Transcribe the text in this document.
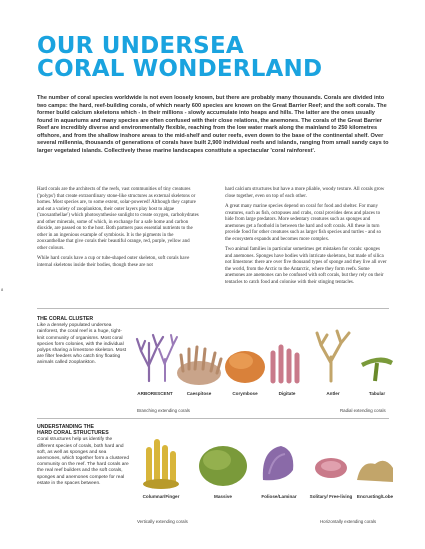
8
OUR UNDERSEA
CORAL WONDERLAND

The number of coral species worldwide is not even loosely known, but there are probably many thousands. Corals are divided into two camps: the hard, reef-building corals, of which nearly 600 species are known on the Great Barrier Reef; and the soft corals. The former build calcium skeletons which - in their millions - slowly accumulate into heaps and hills. The latter are the ones usually found in aquariums and many species are often confused with their close relations, the anemones. The corals of the Great Barrier Reef are incredibly diverse and environmentally flexible, reaching from the low water mark along the mainland to 250 kilometres offshore, and from the shallow inshore areas to the mid-shelf and outer reefs, even down to the base of the continental shelf. Over several millennia, thousands of generations of corals have built 2,900 individual reefs and islands, ranging from small sandy cays to larger vegetated islands. Collectively these marine landscapes constitute a spectacular 'coral rainforest'.

Hard corals are the architects of the reefs, vast communities of tiny creatures ('polyps') that create extraordinary stone-like structures as external skeletons or homes. Most species are, to some extent, solar-powered! Although they capture and eat a variety of zooplankton, their outer layers play host to algae ('zooxanthellae') which photosynthesise sunlight to create oxygen, carbohydrates and other minerals, some of which, in exchange for a safe home and carbon dioxide, are passed on to the host. Both partners pass essential nutrients to the other in an ingenious example of symbiosis. It is the pigments in the zooxanthellae that give corals their beautiful orange, red, purple, yellow and other colours.

While hard corals have a cup or tube-shaped outer skeleton, soft corals have internal skeletons inside their bodies, though these are not

hard calcium structures but have a more pliable, woody texture. All corals grow close together, even on top of each other.

A great many marine species depend on coral for food and shelter. For many creatures, such as fish, octopuses and crabs, coral provides dens and places to hide from large predators. More sedentary creatures such as sponges and anemones get a foothold in between the hard and soft corals. All these in turn provide food for other creatures such as larger fish species and turtles - and so the ecosystem expands and becomes more complex.

Two animal families in particular sometimes get mistaken for corals: sponges and anemones. Sponges have bodies with intricate skeletons, but made of silica not limestone: there are over five thousand types of sponge and they live all over the world, from the Arctic to the Antarctic, where they form reefs. Some anemones are anemones can be confused with soft corals, but they rely on their tentacles to catch food and colonise with their stinging tentacles.

THE CORAL CLUSTER

Like a densely populated undersea rainforest, the coral reef is a huge, tight-knit community of organisms. Most coral species form colonies, with the individual polyps sharing a limestone skeleton. Most are filter feeders who catch tiny floating animals called zooplankton.

ARBORESCENT	Caespitose	Corymbose	Digitate	Antler	Tabular
Branching extending corals	Radial extending corals
UNDERSTANDING THE
HARD CORAL STRUCTURES

Coral structures help us identify the different species of corals, both hard and soft, as well as sponges and sea anemones, which together form a clustered community on the reef. The hard corals are the real reef builders and the soft corals, sponges and anemones compete for real estate in the spaces between.

Columnar/Finger	Massive	Foliose/Laminar	Solitary/ Free-living Encrusting/Lobe
Vertically extending corals	Horizontally extending corals
